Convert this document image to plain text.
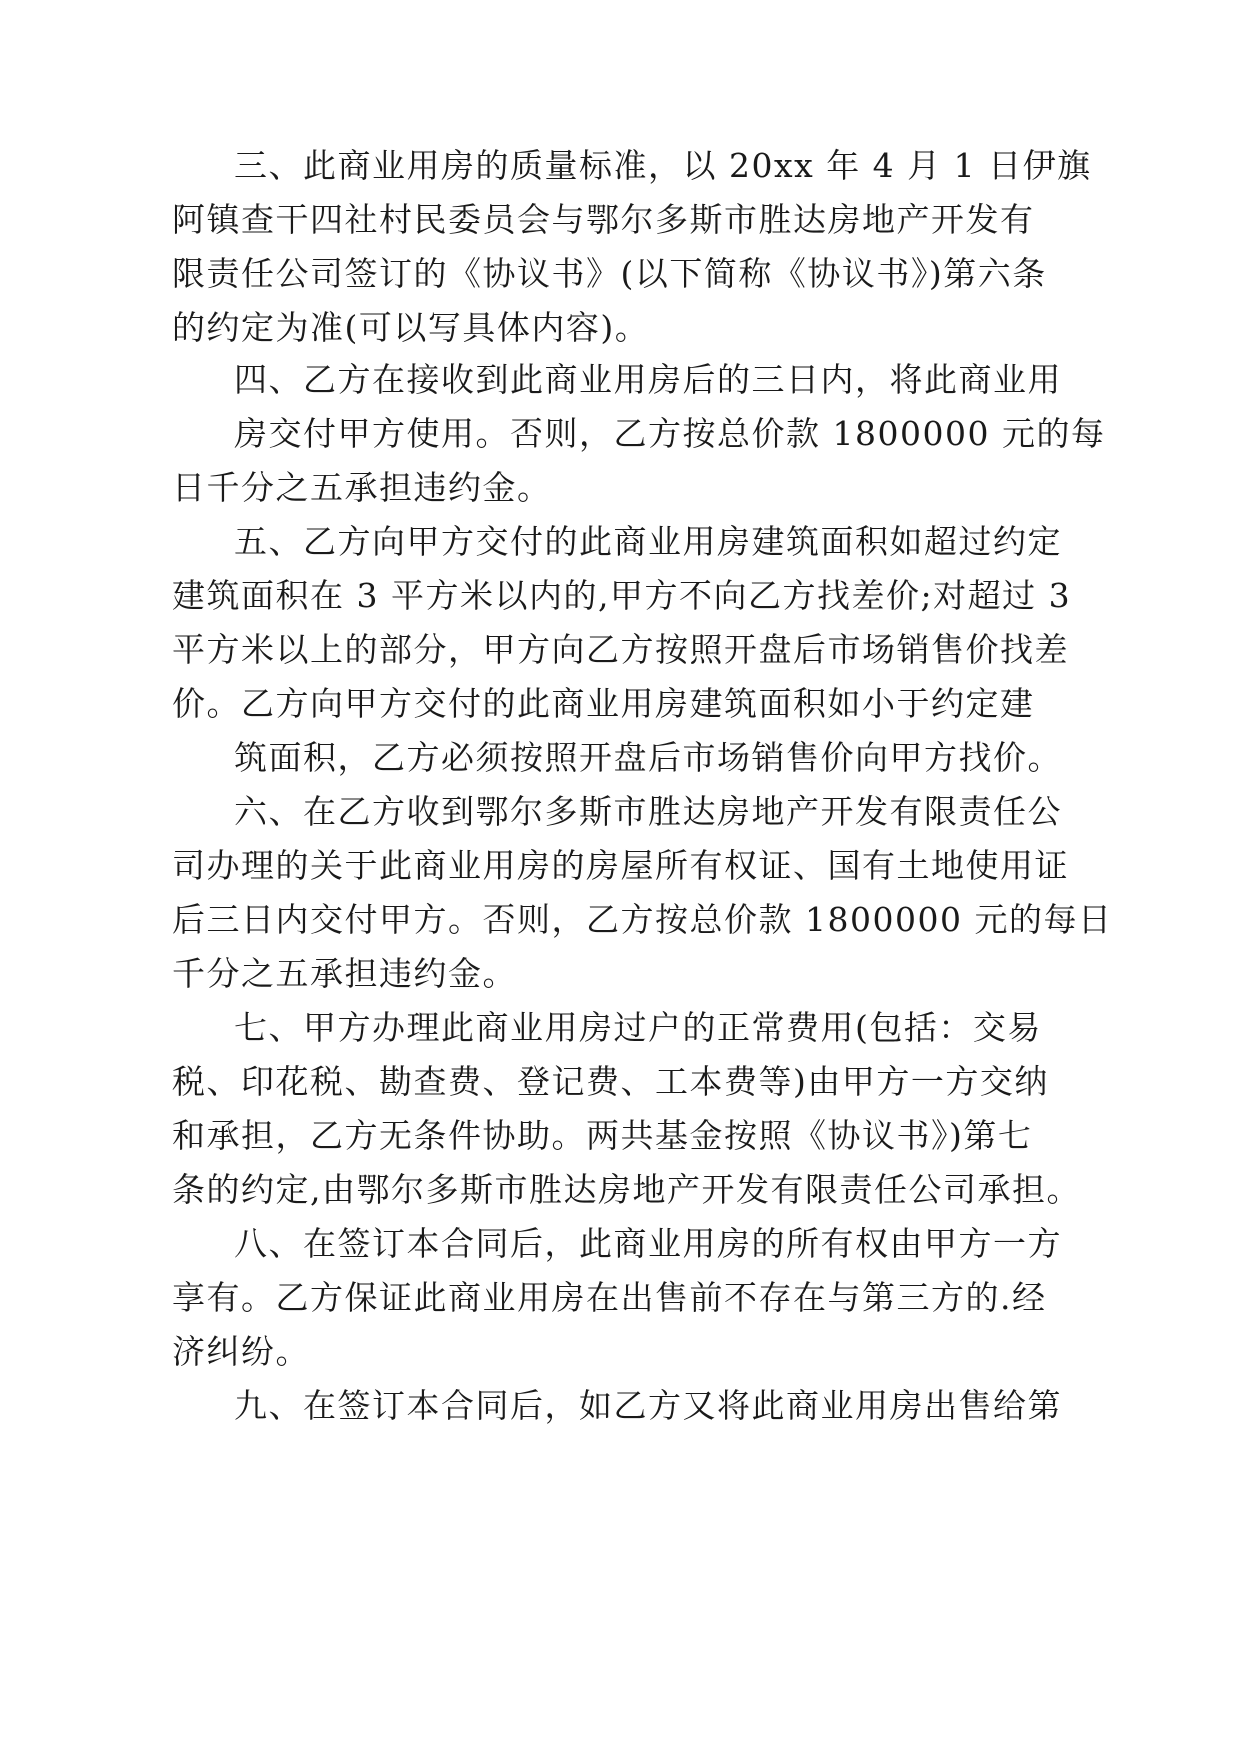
三、此商业用房的质量标准，以 20xx 年 4 月 1 日伊旗
阿镇查干四社村民委员会与鄂尔多斯市胜达房地产开发有
限责任公司签订的《协议书》(以下简称《协议书》)第六条
的约定为准(可以写具体内容)。
四、乙方在接收到此商业用房后的三日内，将此商业用
房交付甲方使用。否则，乙方按总价款 1800000 元的每
日千分之五承担违约金。
五、乙方向甲方交付的此商业用房建筑面积如超过约定
建筑面积在 3 平方米以内的,甲方不向乙方找差价;对超过 3
平方米以上的部分，甲方向乙方按照开盘后市场销售价找差
价。乙方向甲方交付的此商业用房建筑面积如小于约定建
筑面积，乙方必须按照开盘后市场销售价向甲方找价。
六、在乙方收到鄂尔多斯市胜达房地产开发有限责任公
司办理的关于此商业用房的房屋所有权证、国有土地使用证
后三日内交付甲方。否则，乙方按总价款 1800000 元的每日
千分之五承担违约金。
七、甲方办理此商业用房过户的正常费用(包括：交易
税、印花税、勘查费、登记费、工本费等)由甲方一方交纳
和承担，乙方无条件协助。两共基金按照《协议书》)第七
条的约定,由鄂尔多斯市胜达房地产开发有限责任公司承担。
八、在签订本合同后，此商业用房的所有权由甲方一方
享有。乙方保证此商业用房在出售前不存在与第三方的.经
济纠纷。
九、在签订本合同后，如乙方又将此商业用房出售给第
